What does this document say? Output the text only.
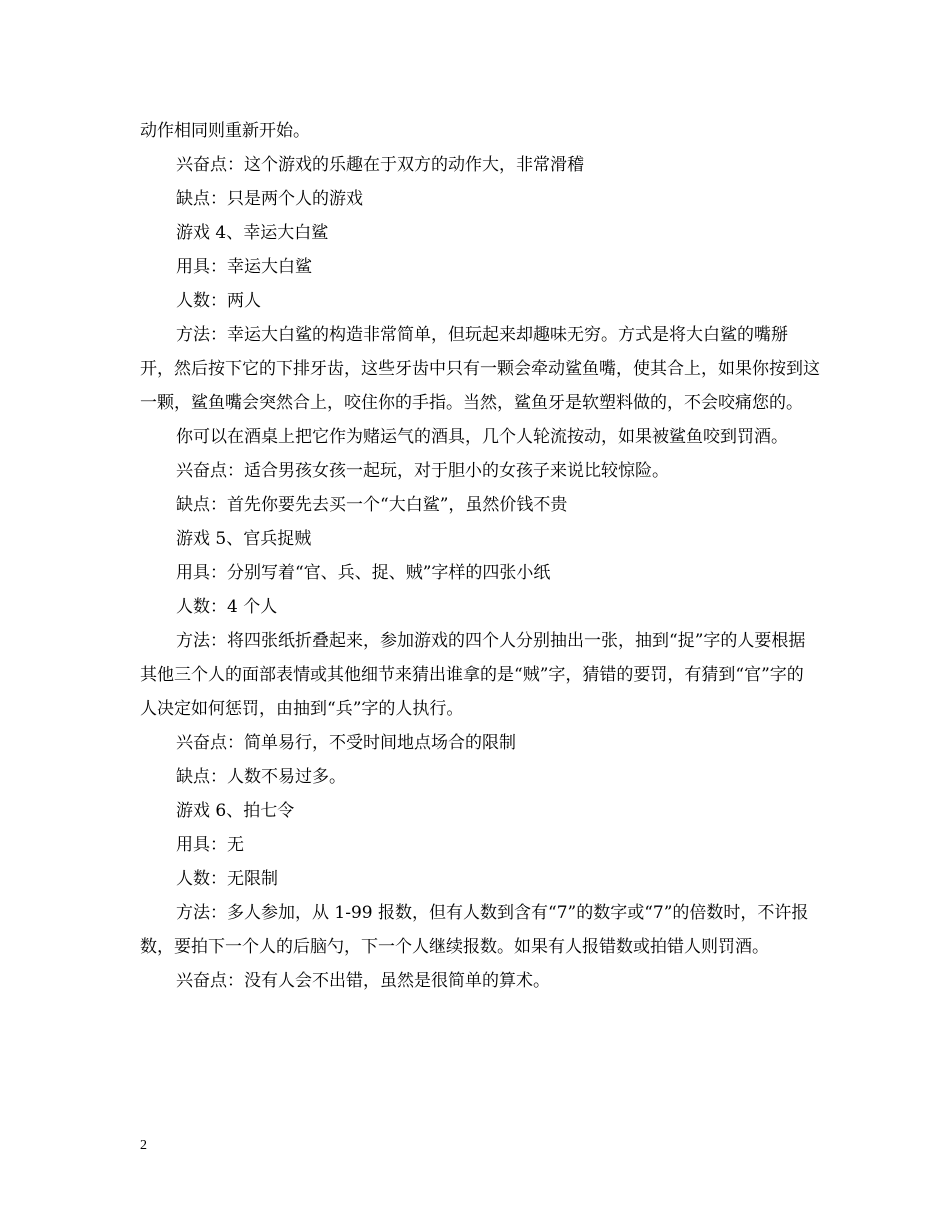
动作相同则重新开始。

兴奋点：这个游戏的乐趣在于双方的动作大，非常滑稽

缺点：只是两个人的游戏

游戏 4、幸运大白鲨

用具：幸运大白鲨

人数：两人

方法：幸运大白鲨的构造非常简单，但玩起来却趣味无穷。方式是将大白鲨的嘴掰开，然后按下它的下排牙齿，这些牙齿中只有一颗会牵动鲨鱼嘴，使其合上，如果你按到这一颗，鲨鱼嘴会突然合上，咬住你的手指。当然，鲨鱼牙是软塑料做的，不会咬痛您的。

你可以在酒桌上把它作为赌运气的酒具，几个人轮流按动，如果被鲨鱼咬到罚酒。

兴奋点：适合男孩女孩一起玩，对于胆小的女孩子来说比较惊险。

缺点：首先你要先去买一个“大白鲨”，虽然价钱不贵

游戏 5、官兵捉贼

用具：分别写着“官、兵、捉、贼”字样的四张小纸

人数：4 个人

方法：将四张纸折叠起来，参加游戏的四个人分别抽出一张，抽到“捉”字的人要根据其他三个人的面部表情或其他细节来猜出谁拿的是“贼”字，猜错的要罚，有猜到“官”字的人决定如何惩罚，由抽到“兵”字的人执行。

兴奋点：简单易行，不受时间地点场合的限制

缺点：人数不易过多。

游戏 6、拍七令

用具：无

人数：无限制

方法：多人参加，从 1-99 报数，但有人数到含有“7”的数字或“7”的倍数时，不许报数，要拍下一个人的后脑勺，下一个人继续报数。如果有人报错数或拍错人则罚酒。

兴奋点：没有人会不出错，虽然是很简单的算术。

2
